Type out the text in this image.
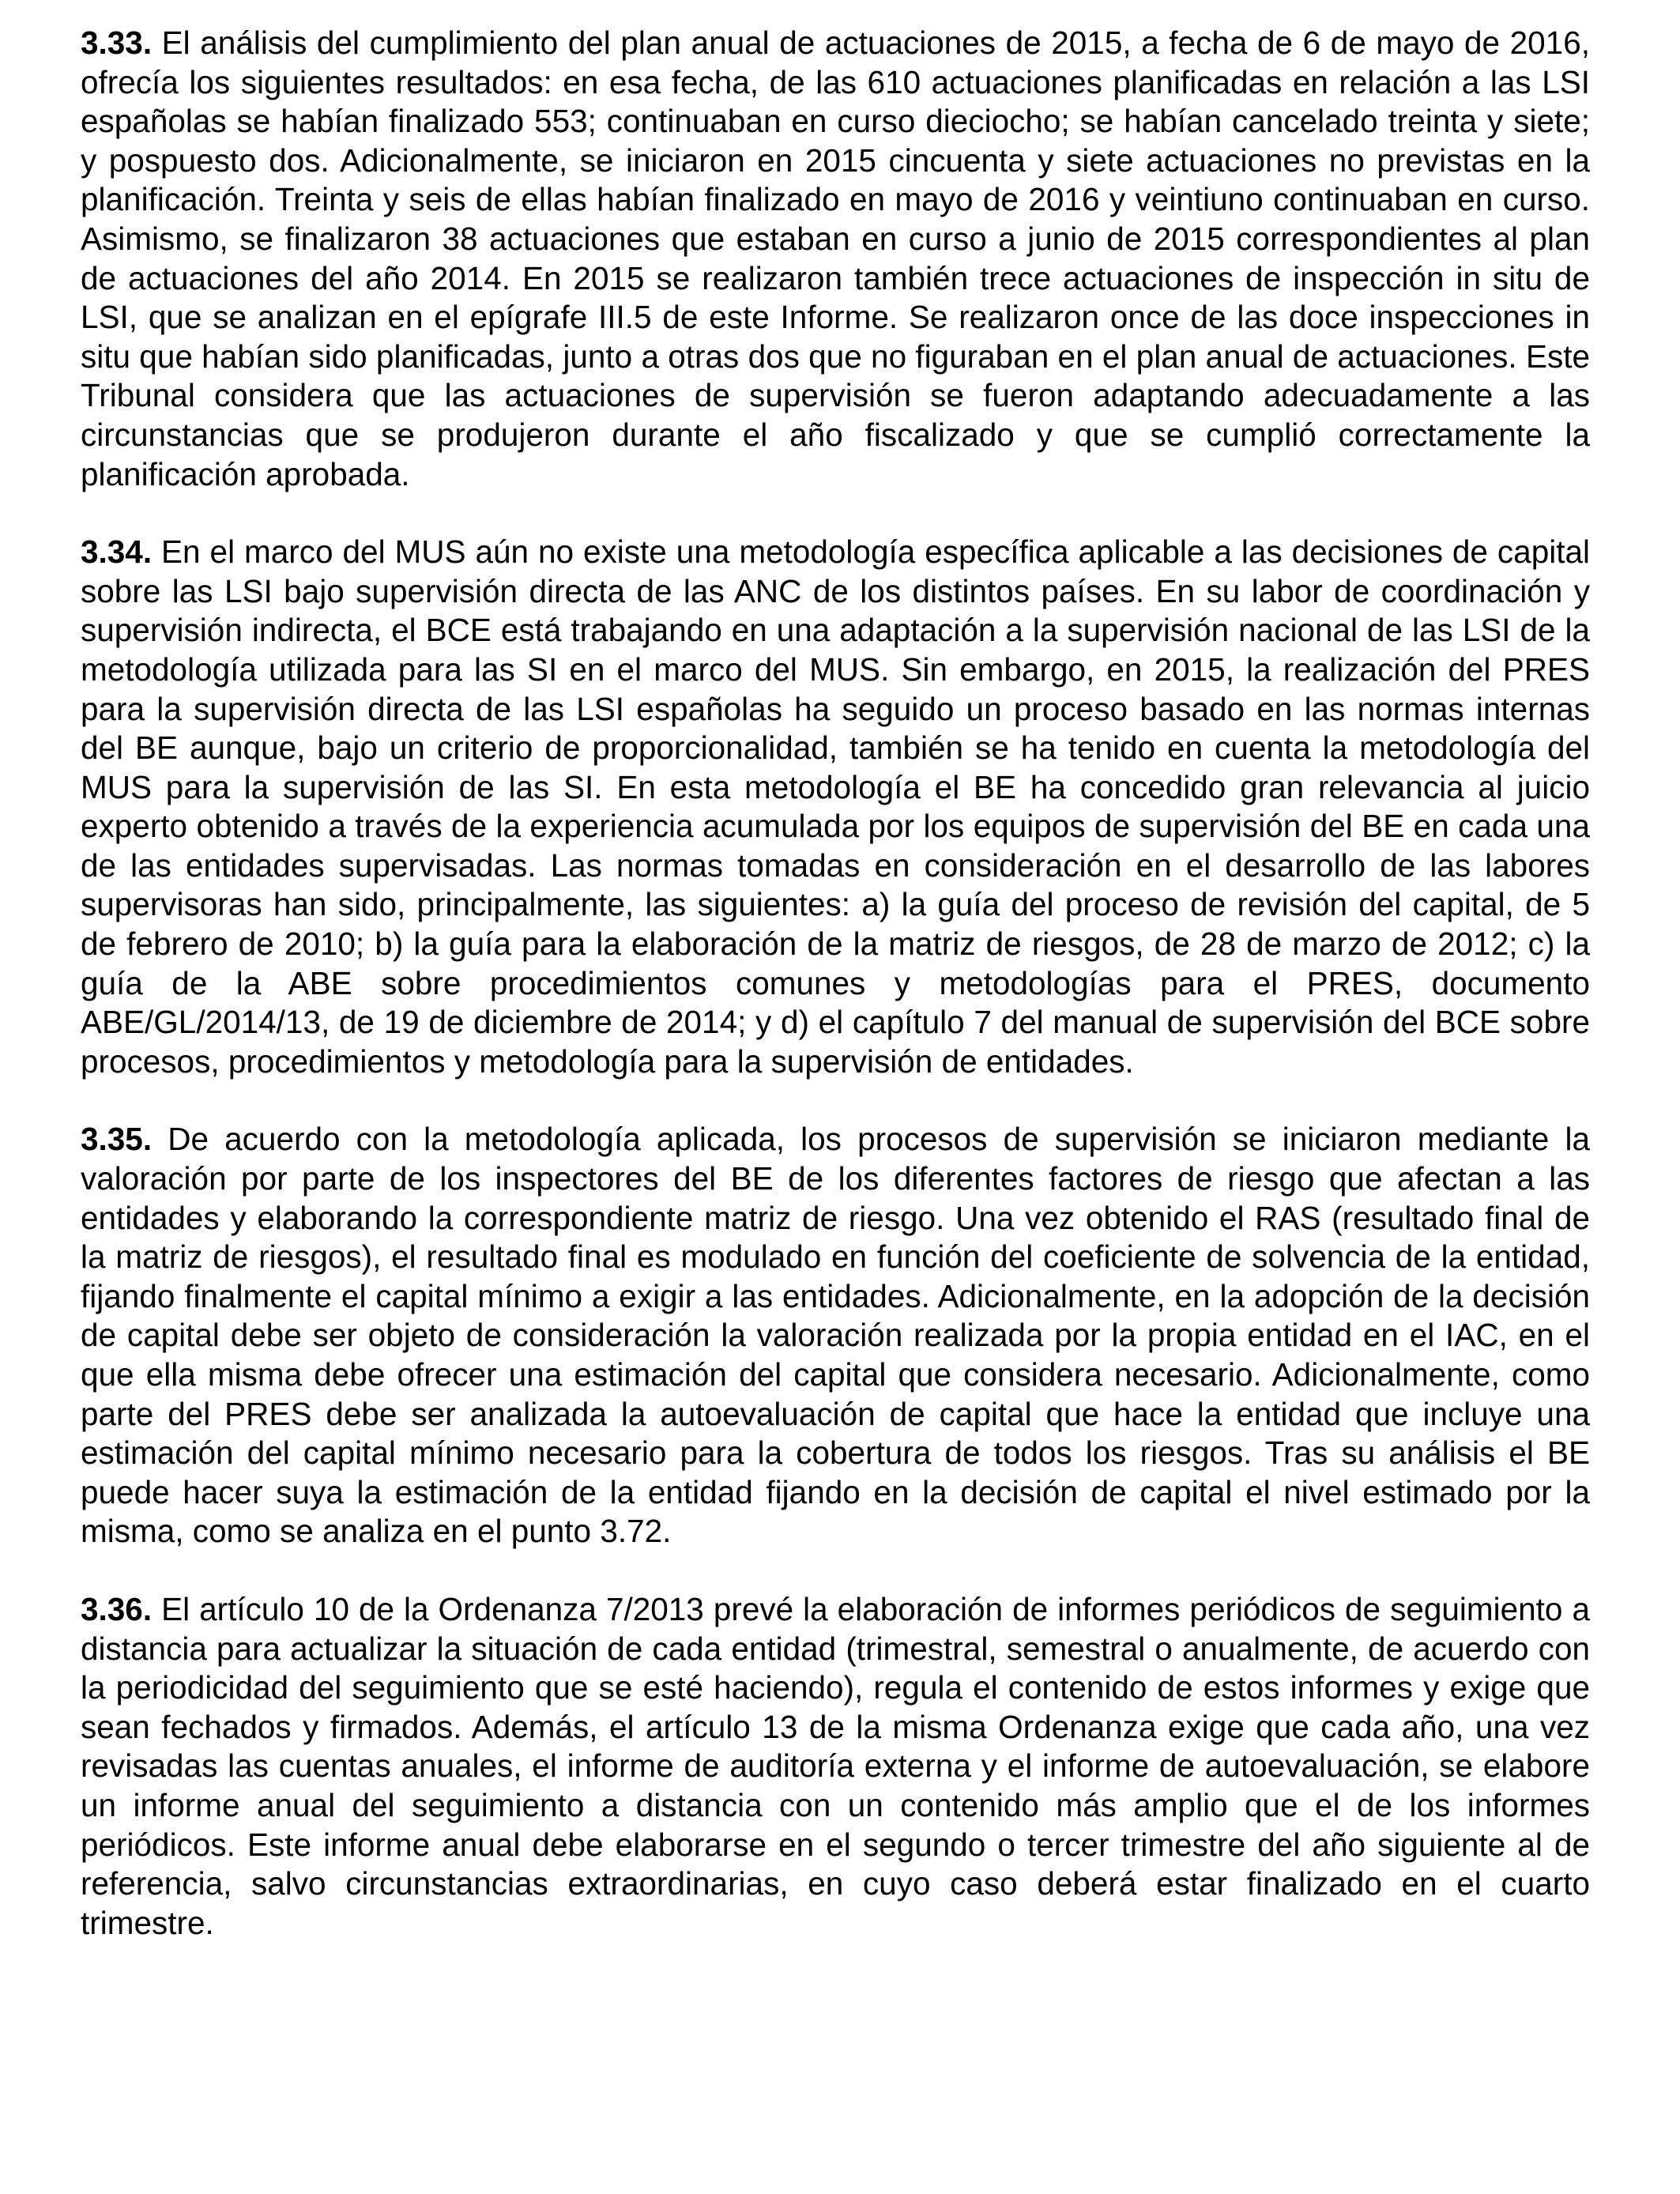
3.33. El análisis del cumplimiento del plan anual de actuaciones de 2015, a fecha de 6 de mayo de 2016, ofrecía los siguientes resultados: en esa fecha, de las 610 actuaciones planificadas en relación a las LSI españolas se habían finalizado 553; continuaban en curso dieciocho; se habían cancelado treinta y siete; y pospuesto dos. Adicionalmente, se iniciaron en 2015 cincuenta y siete actuaciones no previstas en la planificación. Treinta y seis de ellas habían finalizado en mayo de 2016 y veintiuno continuaban en curso. Asimismo, se finalizaron 38 actuaciones que estaban en curso a junio de 2015 correspondientes al plan de actuaciones del año 2014. En 2015 se realizaron también trece actuaciones de inspección in situ de LSI, que se analizan en el epígrafe III.5 de este Informe. Se realizaron once de las doce inspecciones in situ que habían sido planificadas, junto a otras dos que no figuraban en el plan anual de actuaciones. Este Tribunal considera que las actuaciones de supervisión se fueron adaptando adecuadamente a las circunstancias que se produjeron durante el año fiscalizado y que se cumplió correctamente la planificación aprobada.

3.34. En el marco del MUS aún no existe una metodología específica aplicable a las decisiones de capital sobre las LSI bajo supervisión directa de las ANC de los distintos países. En su labor de coordinación y supervisión indirecta, el BCE está trabajando en una adaptación a la supervisión nacional de las LSI de la metodología utilizada para las SI en el marco del MUS. Sin embargo, en 2015, la realización del PRES para la supervisión directa de las LSI españolas ha seguido un proceso basado en las normas internas del BE aunque, bajo un criterio de proporcionalidad, también se ha tenido en cuenta la metodología del MUS para la supervisión de las SI. En esta metodología el BE ha concedido gran relevancia al juicio experto obtenido a través de la experiencia acumulada por los equipos de supervisión del BE en cada una de las entidades supervisadas. Las normas tomadas en consideración en el desarrollo de las labores supervisoras han sido, principalmente, las siguientes: a) la guía del proceso de revisión del capital, de 5 de febrero de 2010; b) la guía para la elaboración de la matriz de riesgos, de 28 de marzo de 2012; c) la guía de la ABE sobre procedimientos comunes y metodologías para el PRES, documento ABE/GL/2014/13, de 19 de diciembre de 2014; y d) el capítulo 7 del manual de supervisión del BCE sobre procesos, procedimientos y metodología para la supervisión de entidades.

3.35. De acuerdo con la metodología aplicada, los procesos de supervisión se iniciaron mediante la valoración por parte de los inspectores del BE de los diferentes factores de riesgo que afectan a las entidades y elaborando la correspondiente matriz de riesgo. Una vez obtenido el RAS (resultado final de la matriz de riesgos), el resultado final es modulado en función del coeficiente de solvencia de la entidad, fijando finalmente el capital mínimo a exigir a las entidades. Adicionalmente, en la adopción de la decisión de capital debe ser objeto de consideración la valoración realizada por la propia entidad en el IAC, en el que ella misma debe ofrecer una estimación del capital que considera necesario. Adicionalmente, como parte del PRES debe ser analizada la autoevaluación de capital que hace la entidad que incluye una estimación del capital mínimo necesario para la cobertura de todos los riesgos. Tras su análisis el BE puede hacer suya la estimación de la entidad fijando en la decisión de capital el nivel estimado por la misma, como se analiza en el punto 3.72.

3.36. El artículo 10 de la Ordenanza 7/2013 prevé la elaboración de informes periódicos de seguimiento a distancia para actualizar la situación de cada entidad (trimestral, semestral o anualmente, de acuerdo con la periodicidad del seguimiento que se esté haciendo), regula el contenido de estos informes y exige que sean fechados y firmados. Además, el artículo 13 de la misma Ordenanza exige que cada año, una vez revisadas las cuentas anuales, el informe de auditoría externa y el informe de autoevaluación, se elabore un informe anual del seguimiento a distancia con un contenido más amplio que el de los informes periódicos. Este informe anual debe elaborarse en el segundo o tercer trimestre del año siguiente al de referencia, salvo circunstancias extraordinarias, en cuyo caso deberá estar finalizado en el cuarto trimestre.
